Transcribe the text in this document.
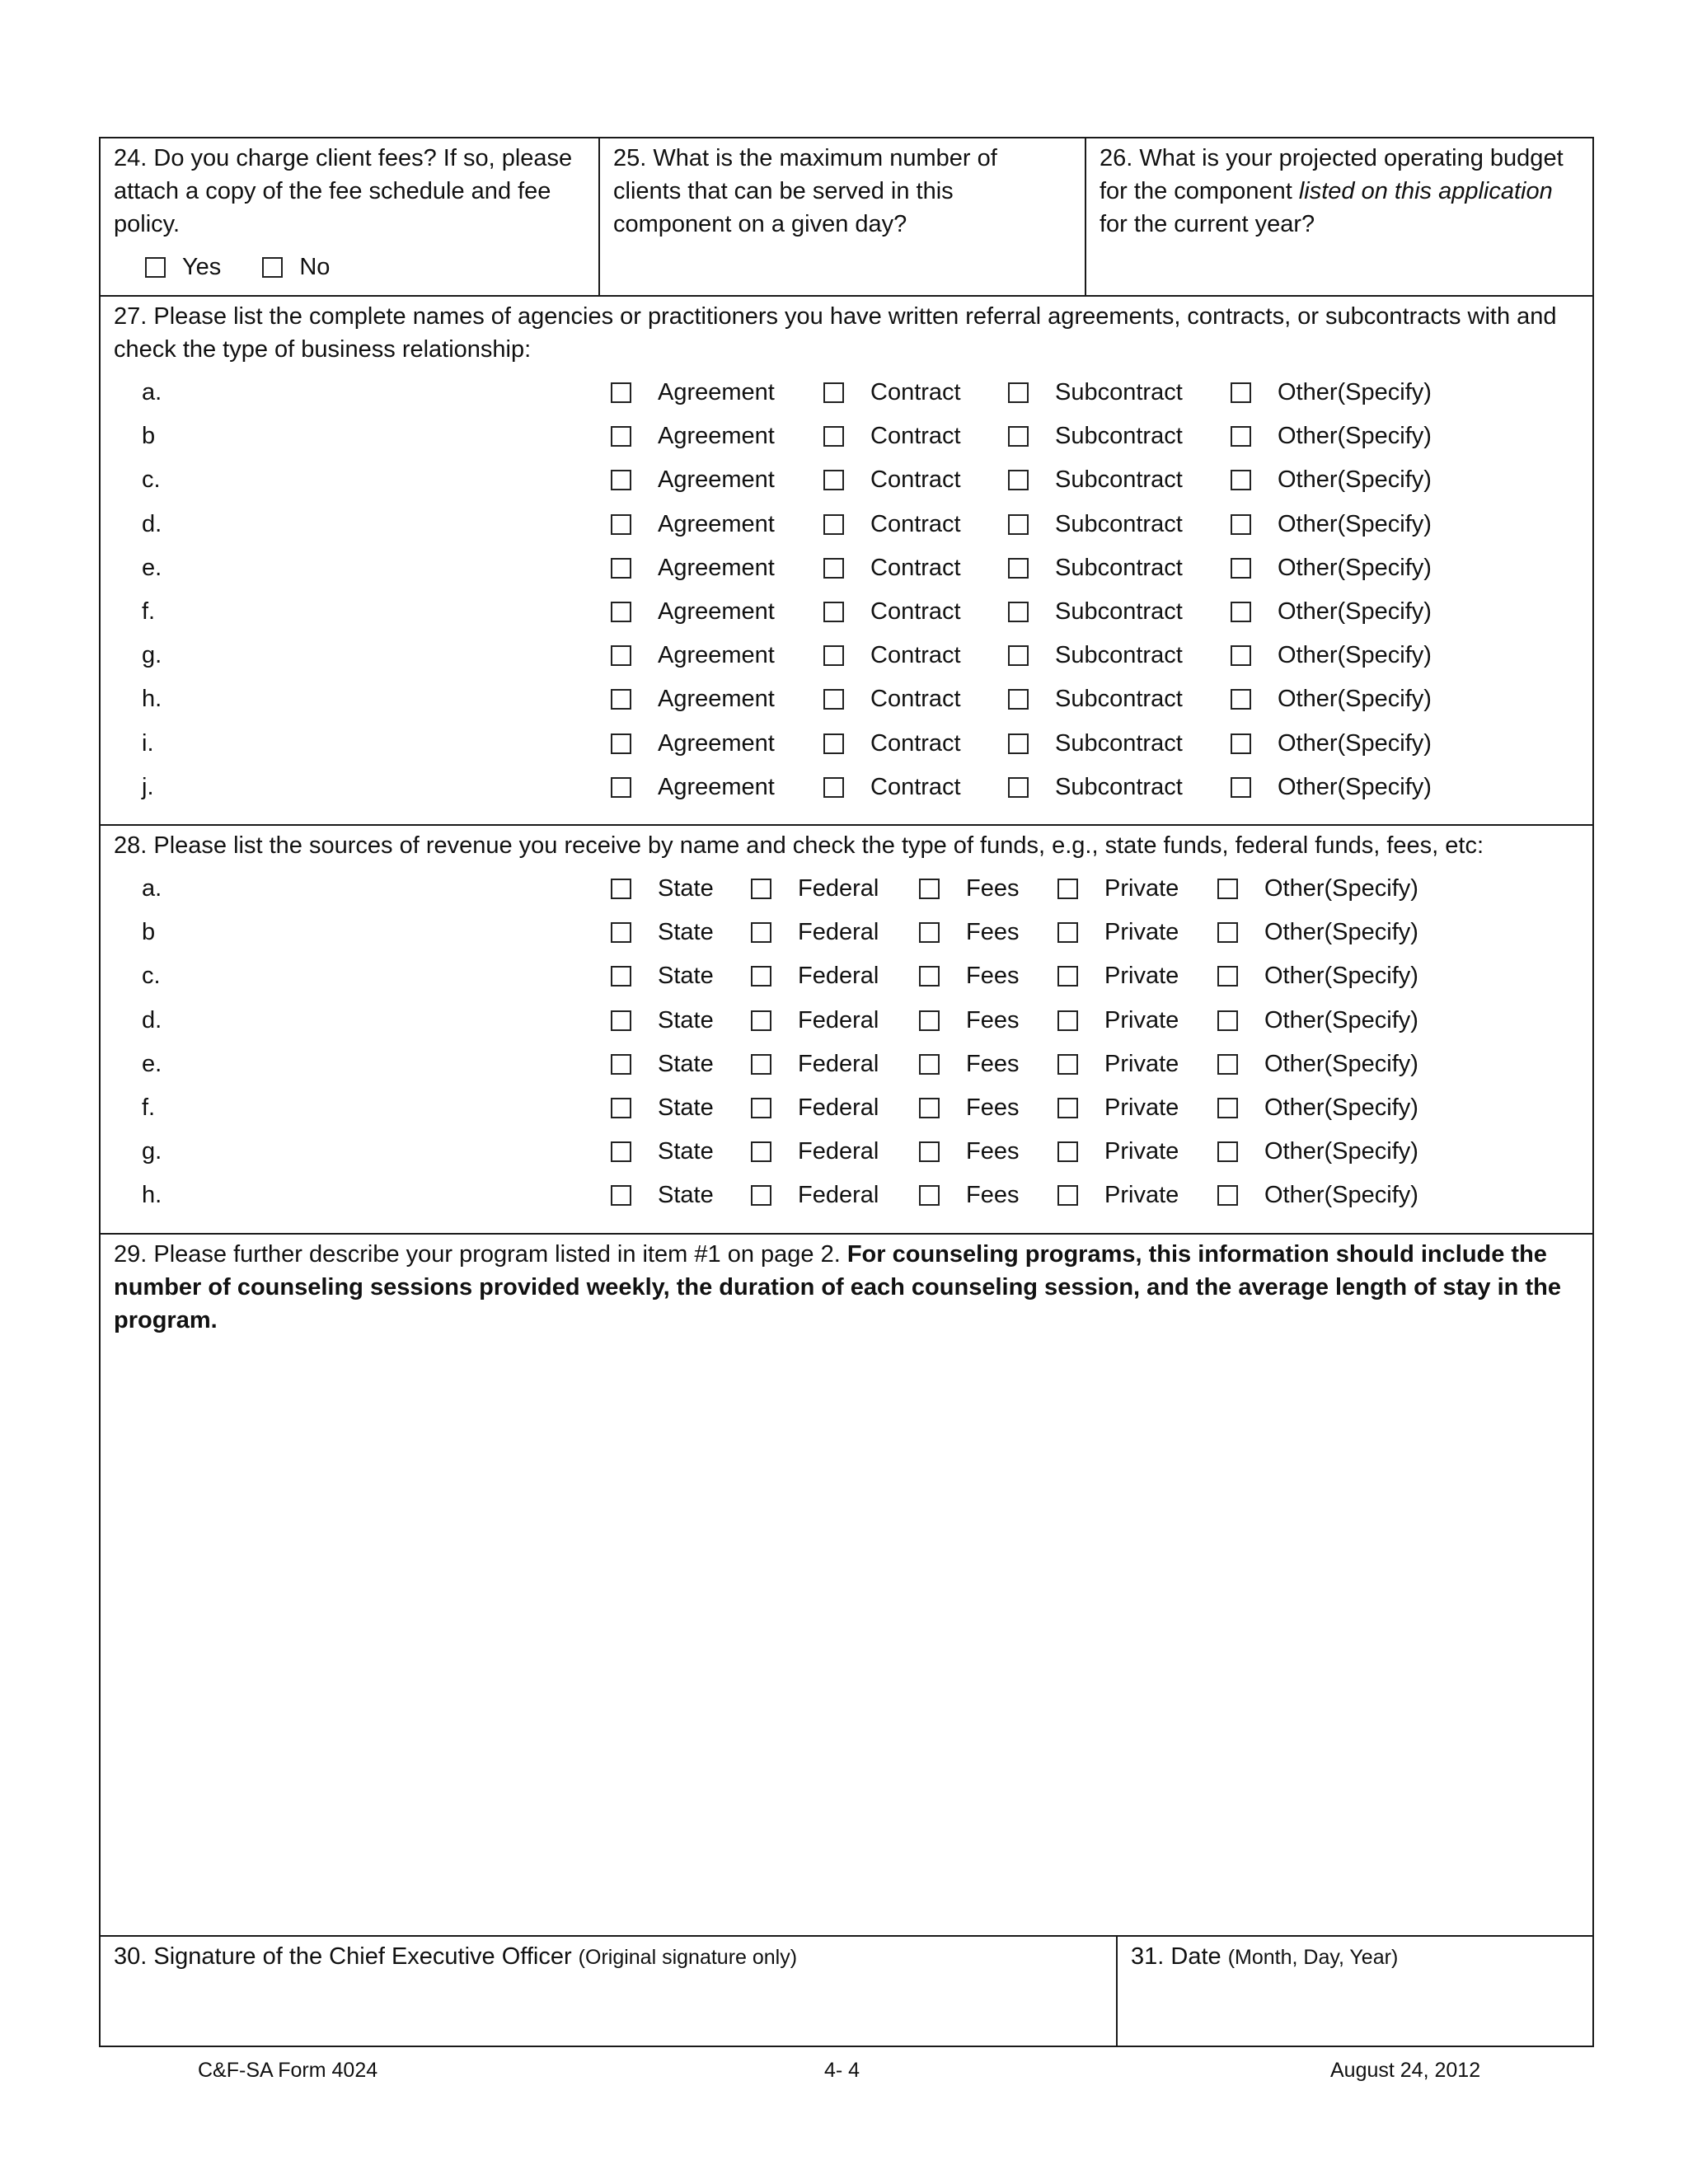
24. Do you charge client fees? If so, please attach a copy of the fee schedule and fee policy.
Yes	No
25. What is the maximum number of clients that can be served in this component on a given day?
26. What is your projected operating budget for the component listed on this application for the current year?
27. Please list the complete names of agencies or practitioners you have written referral agreements, contracts, or subcontracts with and check the type of business relationship:
a.	Agreement	Contract	Subcontract	Other(Specify)
b	Agreement	Contract	Subcontract	Other(Specify)
c.	Agreement	Contract	Subcontract	Other(Specify)
d.	Agreement	Contract	Subcontract	Other(Specify)
e.	Agreement	Contract	Subcontract	Other(Specify)
f.	Agreement	Contract	Subcontract	Other(Specify)
g.	Agreement	Contract	Subcontract	Other(Specify)
h.	Agreement	Contract	Subcontract	Other(Specify)
i.	Agreement	Contract	Subcontract	Other(Specify)
j.	Agreement	Contract	Subcontract	Other(Specify)
28. Please list the sources of revenue you receive by name and check the type of funds, e.g., state funds, federal funds, fees, etc:
a.	State	Federal	Fees	Private	Other(Specify)
b	State	Federal	Fees	Private	Other(Specify)
c.	State	Federal	Fees	Private	Other(Specify)
d.	State	Federal	Fees	Private	Other(Specify)
e.	State	Federal	Fees	Private	Other(Specify)
f.	State	Federal	Fees	Private	Other(Specify)
g.	State	Federal	Fees	Private	Other(Specify)
h.	State	Federal	Fees	Private	Other(Specify)
29. Please further describe your program listed in item #1 on page 2. For counseling programs, this information should include the number of counseling sessions provided weekly, the duration of each counseling session, and the average length of stay in the program.
30. Signature of the Chief Executive Officer (Original signature only)	31. Date (Month, Day, Year)
C&F-SA Form 4024	4- 4	August 24, 2012
